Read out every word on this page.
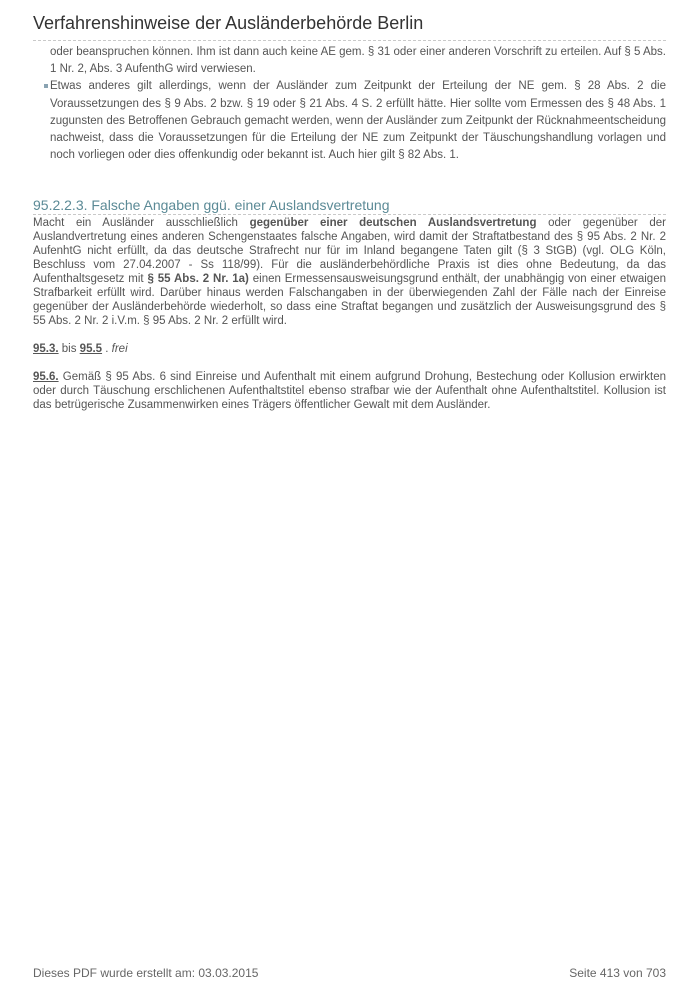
Verfahrenshinweise der Ausländerbehörde Berlin

oder beanspruchen können. Ihm ist dann auch keine AE gem. § 31 oder einer anderen Vorschrift zu erteilen. Auf § 5 Abs. 1 Nr. 2, Abs. 3 AufenthG wird verwiesen.

Etwas anderes gilt allerdings, wenn der Ausländer zum Zeitpunkt der Erteilung der NE gem. § 28 Abs. 2 die Voraussetzungen des § 9 Abs. 2 bzw. § 19 oder § 21 Abs. 4 S. 2 erfüllt hätte. Hier sollte vom Ermessen des § 48 Abs. 1 zugunsten des Betroffenen Gebrauch gemacht werden, wenn der Ausländer zum Zeitpunkt der Rücknahmeentscheidung nachweist, dass die Voraussetzungen für die Erteilung der NE zum Zeitpunkt der Täuschungshandlung vorlagen und noch vorliegen oder dies offenkundig oder bekannt ist. Auch hier gilt § 82 Abs. 1.

95.2.2.3. Falsche Angaben ggü. einer Auslandsvertretung

Macht ein Ausländer ausschließlich gegenüber einer deutschen Auslandsvertretung oder gegenüber der Auslandvertretung eines anderen Schengenstaates falsche Angaben, wird damit der Straftatbestand des § 95 Abs. 2 Nr. 2 AufenhtG nicht erfüllt, da das deutsche Strafrecht nur für im Inland begangene Taten gilt (§ 3 StGB) (vgl. OLG Köln, Beschluss vom 27.04.2007 - Ss 118/99). Für die ausländerbehördliche Praxis ist dies ohne Bedeutung, da das Aufenthaltsgesetz mit § 55 Abs. 2 Nr. 1a) einen Ermessensausweisungsgrund enthält, der unabhängig von einer etwaigen Strafbarkeit erfüllt wird. Darüber hinaus werden Falschangaben in der überwiegenden Zahl der Fälle nach der Einreise gegenüber der Ausländerbehörde wiederholt, so dass eine Straftat begangen und zusätzlich der Ausweisungsgrund des § 55 Abs. 2 Nr. 2 i.V.m. § 95 Abs. 2 Nr. 2 erfüllt wird.

95.3. bis 95.5 . frei

95.6. Gemäß § 95 Abs. 6 sind Einreise und Aufenthalt mit einem aufgrund Drohung, Bestechung oder Kollusion erwirkten oder durch Täuschung erschlichenen Aufenthaltstitel ebenso strafbar wie der Aufenthalt ohne Aufenthaltstitel. Kollusion ist das betrügerische Zusammenwirken eines Trägers öffentlicher Gewalt mit dem Ausländer.

Dieses PDF wurde erstellt am: 03.03.2015	Seite 413 von 703
